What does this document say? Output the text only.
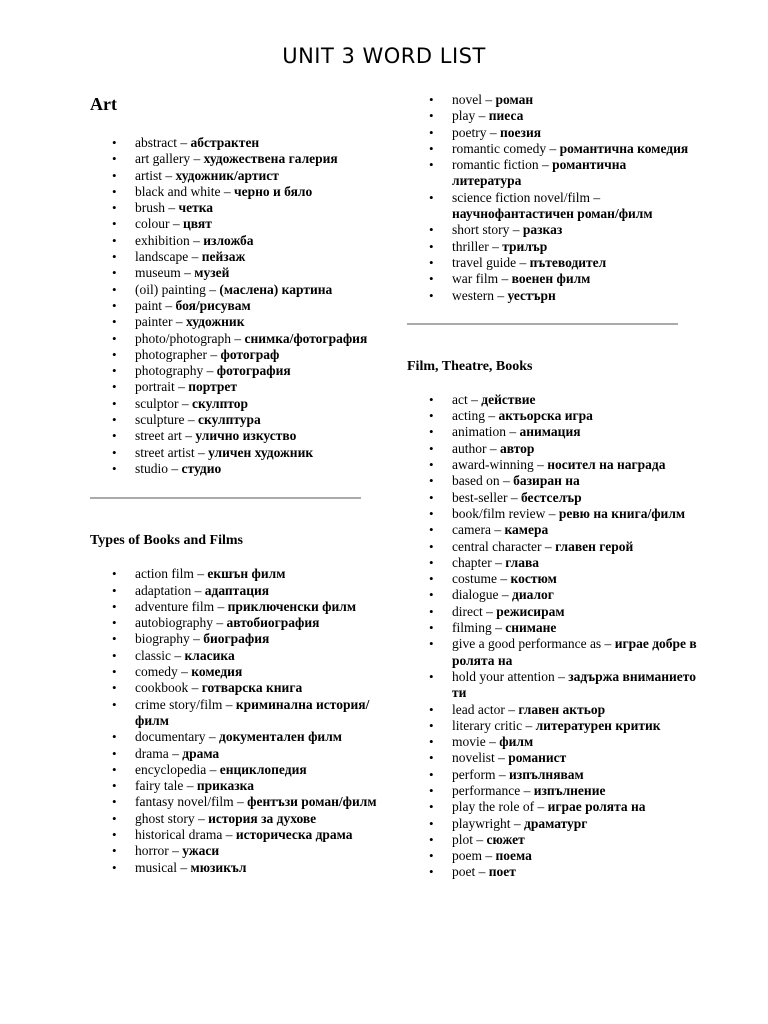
UNIT 3 WORD LIST
Art
• abstract – абстрактен
• art gallery – художествена галерия
• artist – художник/артист
• black and white – черно и бяло
• brush – четка
• colour – цвят
• exhibition – изложба
• landscape – пейзаж
• museum – музей
• (oil) painting – (маслена) картина
• paint – боя/рисувам
• painter – художник
• photo/photograph – снимка/фотография
• photographer – фотограф
• photography – фотография
• portrait – портрет
• sculptor – скулптор
• sculpture – скулптура
• street art – улично изкуство
• street artist – уличен художник
• studio – студио
Types of Books and Films
• action film – екшън филм
• adaptation – адаптация
• adventure film – приключенски филм
• autobiography – автобиография
• biography – биография
• classic – класика
• comedy – комедия
• cookbook – готварска книга
• crime story/film – криминална история/филм
• documentary – документален филм
• drama – драма
• encyclopedia – енциклопедия
• fairy tale – приказка
• fantasy novel/film – фентъзи роман/филм
• ghost story – история за духове
• historical drama – историческа драма
• horror – ужаси
• musical – мюзикъл
• novel – роман
• play – пиеса
• poetry – поезия
• romantic comedy – романтична комедия
• romantic fiction – романтична литература
• science fiction novel/film – научнофантастичен роман/филм
• short story – разказ
• thriller – трилър
• travel guide – пътеводител
• war film – военен филм
• western – уестърн
Film, Theatre, Books
• act – действие
• acting – актьорска игра
• animation – анимация
• author – автор
• award-winning – носител на награда
• based on – базиран на
• best-seller – бестселър
• book/film review – ревю на книга/филм
• camera – камера
• central character – главен герой
• chapter – глава
• costume – костюм
• dialogue – диалог
• direct – режисирам
• filming – снимане
• give a good performance as – играе добре в ролята на
• hold your attention – задържа вниманието ти
• lead actor – главен актьор
• literary critic – литературен критик
• movie – филм
• novelist – романист
• perform – изпълнявам
• performance – изпълнение
• play the role of – играе ролята на
• playwright – драматург
• plot – сюжет
• poem – поема
• poet – поет
